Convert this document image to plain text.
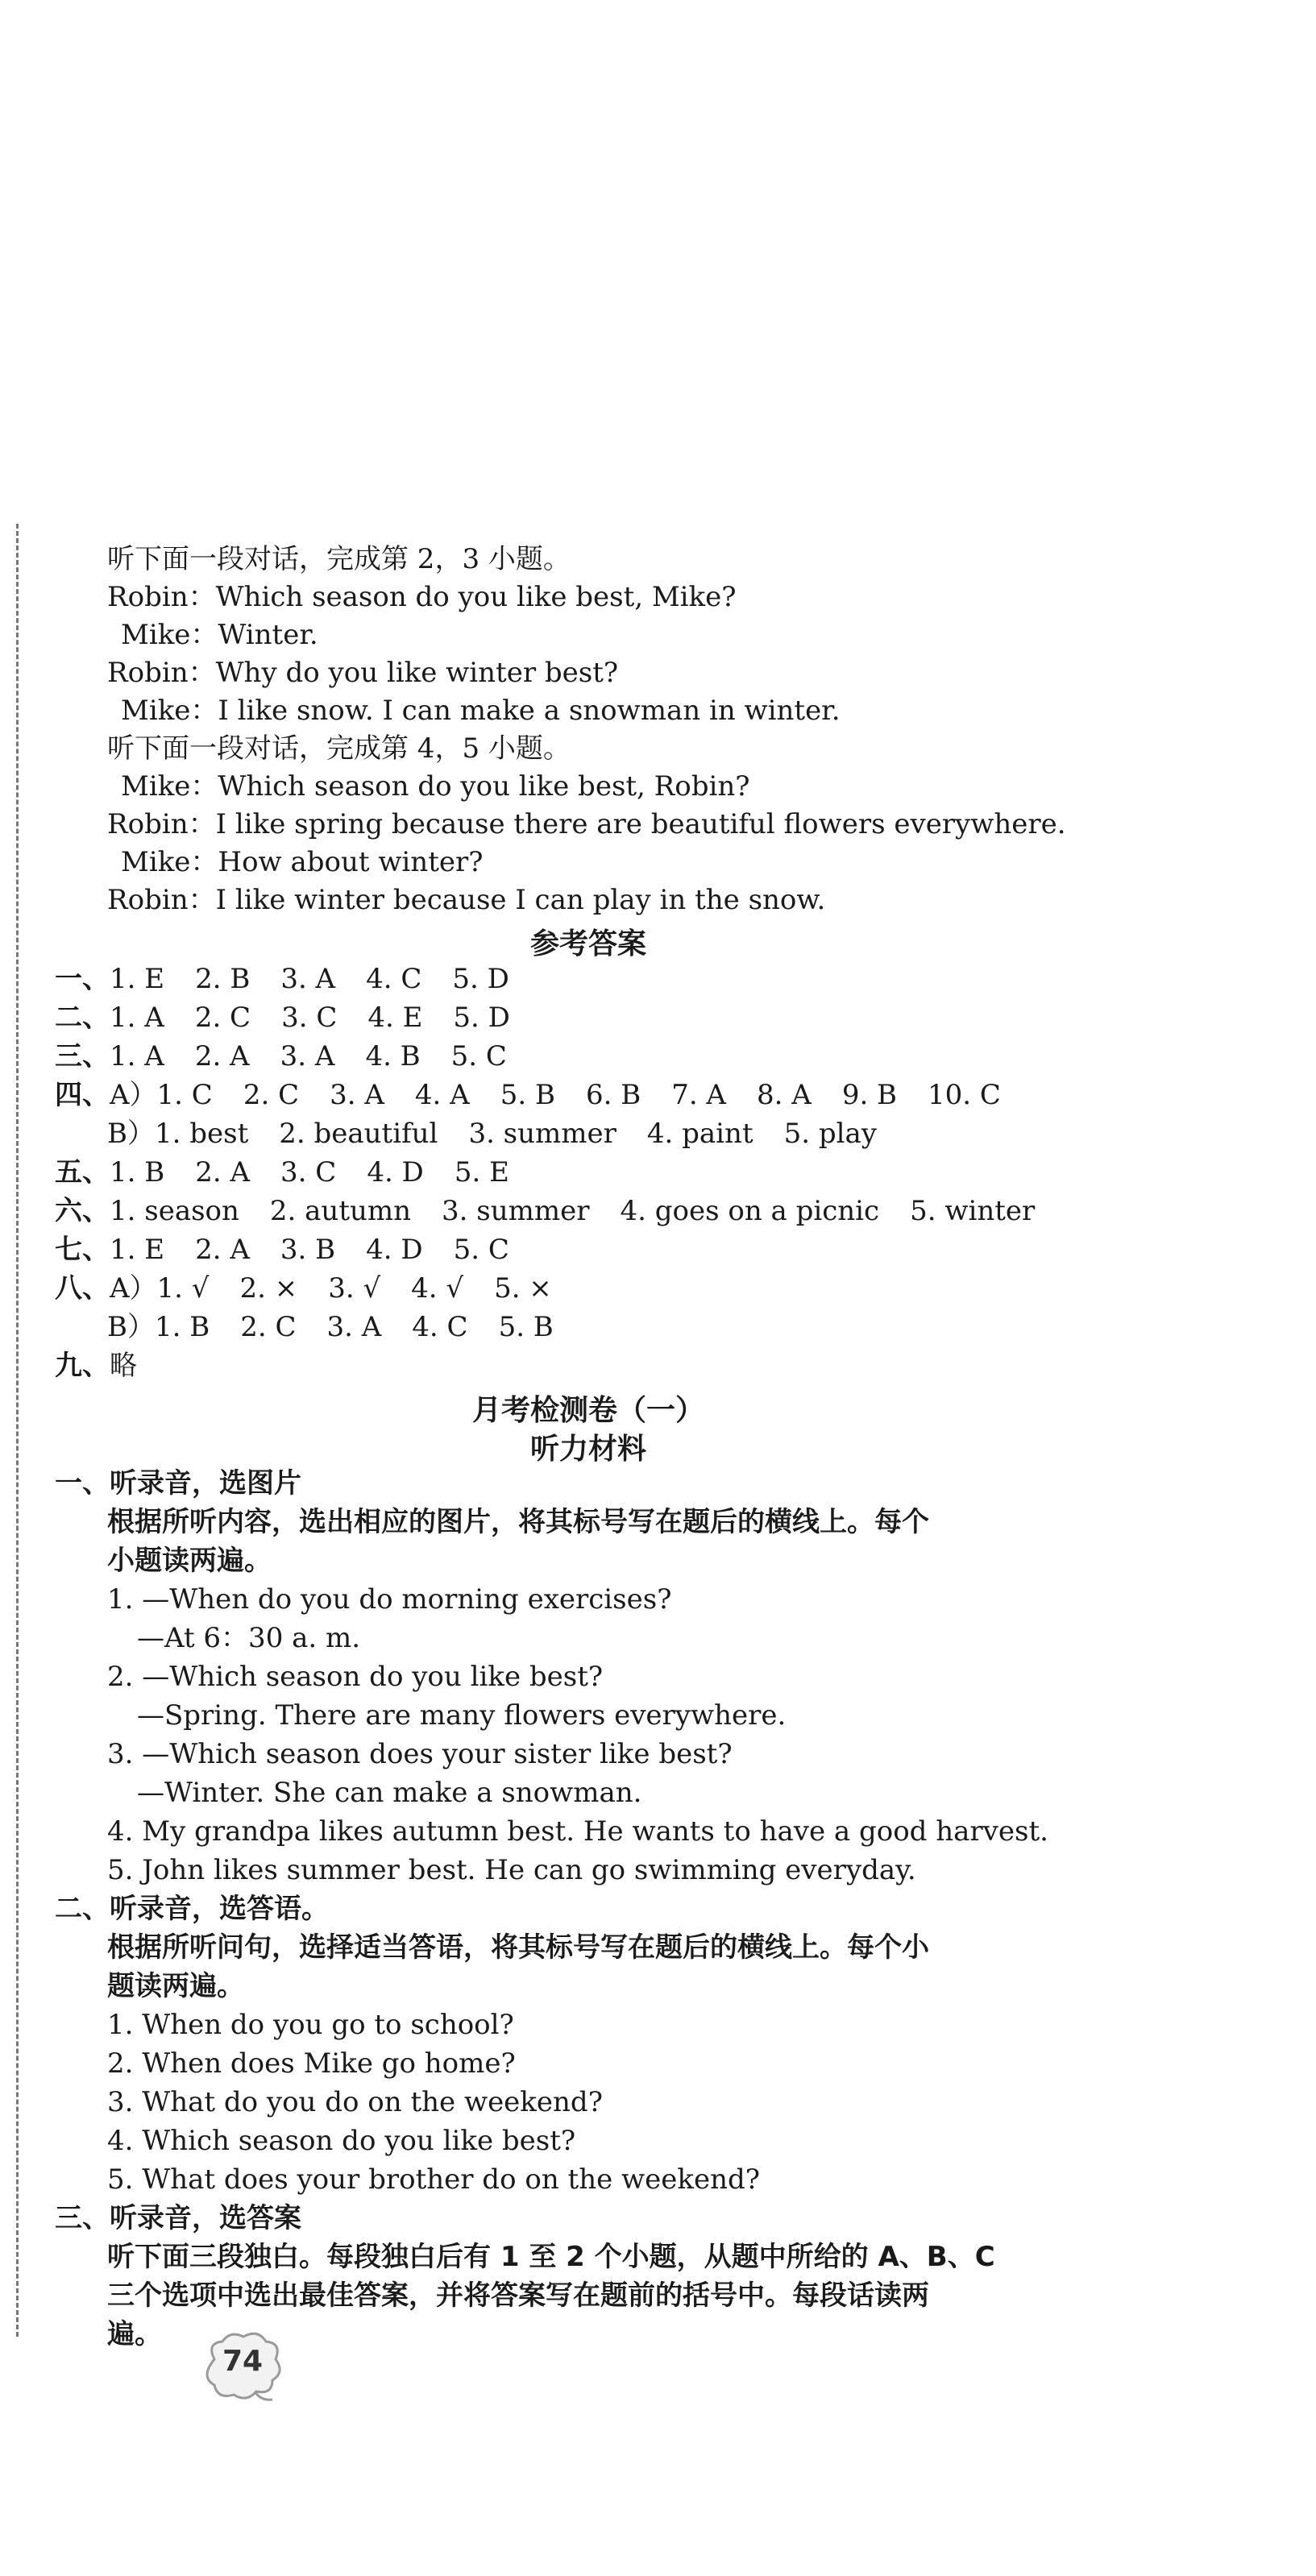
听下面一段对话，完成第 2，3 小题。
Robin：Which season do you like best, Mike?
Mike：Winter.
Robin：Why do you like winter best?
Mike：I like snow. I can make a snowman in winter.
听下面一段对话，完成第 4，5 小题。
Mike：Which season do you like best, Robin?
Robin：I like spring because there are beautiful flowers everywhere.
Mike：How about winter?
Robin：I like winter because I can play in the snow.
参考答案
一、1. E 2. B 3. A 4. C 5. D
二、1. A 2. C 3. C 4. E 5. D
三、1. A 2. A 3. A 4. B 5. C
四、A）1. C 2. C 3. A 4. A 5. B 6. B 7. A 8. A 9. B 10. C
B）1. best 2. beautiful 3. summer 4. paint 5. play
五、1. B 2. A 3. C 4. D 5. E
六、1. season 2. autumn 3. summer 4. goes on a picnic 5. winter
七、1. E 2. A 3. B 4. D 5. C
八、A）1. √ 2. × 3. √ 4. √ 5. ×
B）1. B 2. C 3. A 4. C 5. B
九、略
月考检测卷（一）
听力材料
一、听录音，选图片
根据所听内容，选出相应的图片，将其标号写在题后的横线上。每个
小题读两遍。
1. —When do you do morning exercises?
—At 6：30 a. m.
2. —Which season do you like best?
—Spring. There are many flowers everywhere.
3. —Which season does your sister like best?
—Winter. She can make a snowman.
4. My grandpa likes autumn best. He wants to have a good harvest.
5. John likes summer best. He can go swimming everyday.
二、听录音，选答语。
根据所听问句，选择适当答语，将其标号写在题后的横线上。每个小
题读两遍。
1. When do you go to school?
2. When does Mike go home?
3. What do you do on the weekend?
4. Which season do you like best?
5. What does your brother do on the weekend?
三、听录音，选答案
听下面三段独白。每段独白后有 1 至 2 个小题，从题中所给的 A、B、C
三个选项中选出最佳答案，并将答案写在题前的括号中。每段话读两
遍。
74
